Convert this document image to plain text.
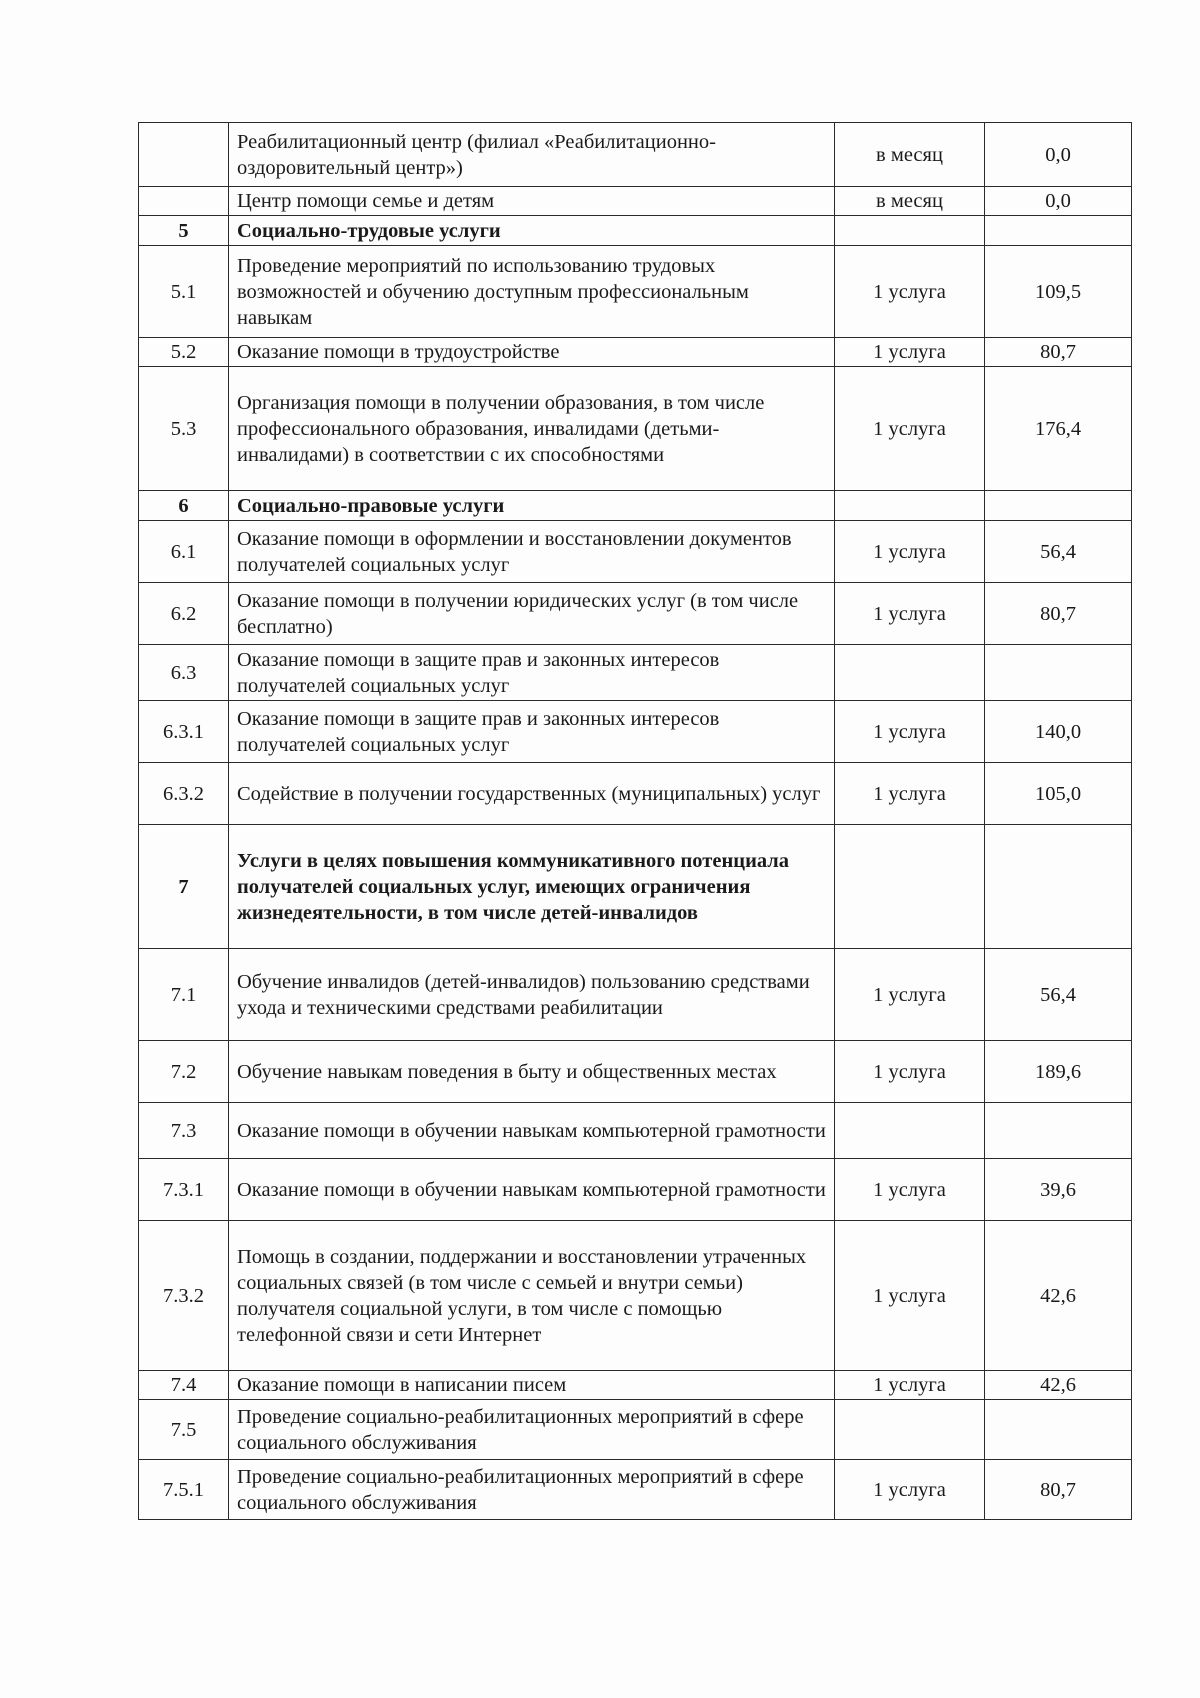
	Реабилитационный центр (филиал «Реабилитационно-оздоровительный центр»)	в месяц	0,0
	Центр помощи семье и детям	в месяц	0,0
5	Социально-трудовые услуги		
5.1	Проведение мероприятий по использованию трудовых возможностей и обучению доступным профессиональным навыкам	1 услуга	109,5
5.2	Оказание помощи в трудоустройстве	1 услуга	80,7
5.3	Организация помощи в получении образования, в том числе профессионального образования, инвалидами (детьми-инвалидами) в соответствии с их способностями	1 услуга	176,4
6	Социально-правовые услуги		
6.1	Оказание помощи в оформлении и восстановлении документов получателей социальных услуг	1 услуга	56,4
6.2	Оказание помощи в получении юридических услуг (в том числе бесплатно)	1 услуга	80,7
6.3	Оказание помощи в защите прав и законных интересов получателей социальных услуг		
6.3.1	Оказание помощи в защите прав и законных интересов получателей социальных услуг	1 услуга	140,0
6.3.2	Содействие в получении государственных (муниципальных) услуг	1 услуга	105,0
7	Услуги в целях повышения коммуникативного потенциала получателей социальных услуг, имеющих ограничения жизнедеятельности, в том числе детей-инвалидов		
7.1	Обучение инвалидов (детей-инвалидов) пользованию средствами ухода и техническими средствами реабилитации	1 услуга	56,4
7.2	Обучение навыкам поведения в быту и общественных местах	1 услуга	189,6
7.3	Оказание помощи в обучении навыкам компьютерной грамотности		
7.3.1	Оказание помощи в обучении навыкам компьютерной грамотности	1 услуга	39,6
7.3.2	Помощь в создании, поддержании и восстановлении утраченных социальных связей (в том числе с семьей и внутри семьи) получателя социальной услуги, в том числе с помощью телефонной связи и сети Интернет	1 услуга	42,6
7.4	Оказание помощи в написании писем	1 услуга	42,6
7.5	Проведение социально-реабилитационных мероприятий в сфере социального обслуживания		
7.5.1	Проведение социально-реабилитационных мероприятий в сфере социального обслуживания	1 услуга	80,7
